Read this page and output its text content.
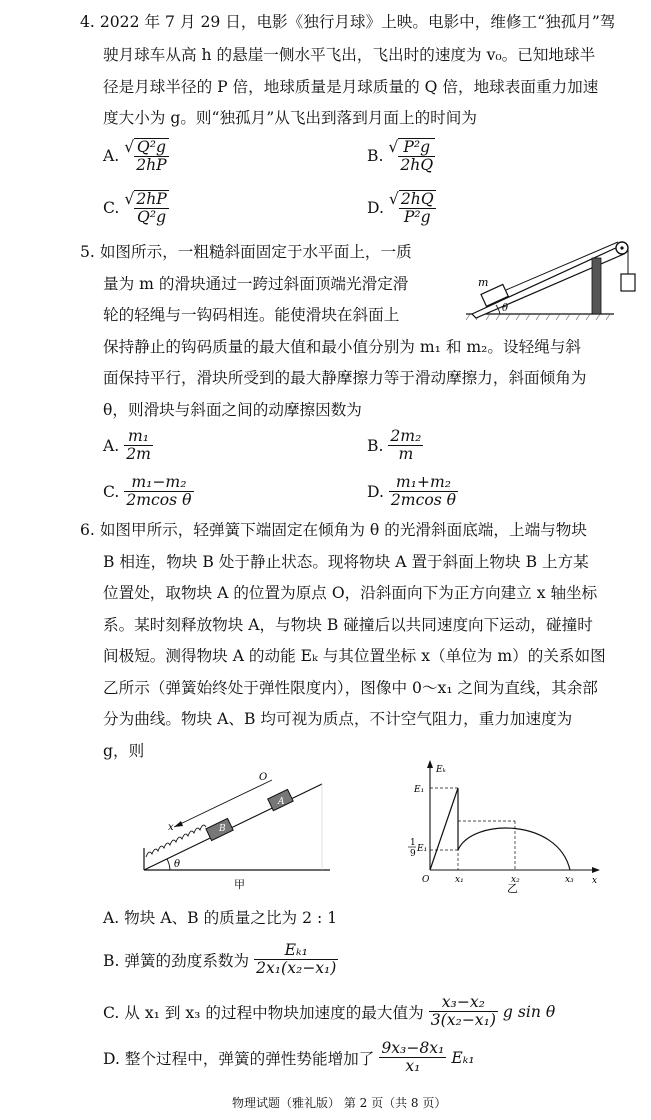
4. 2022 年 7 月 29 日，电影《独行月球》上映。电影中，维修工“独孤月”驾
驶月球车从高 h 的悬崖一侧水平飞出，飞出时的速度为 v₀。已知地球半
径是月球半径的 P 倍，地球质量是月球质量的 Q 倍，地球表面重力加速
度大小为 g。则“独孤月”从飞出到落到月面上的时间为
A. √ $\frac{\text{Q²g}}{2hP}$	B. √ $\frac{\text{P²g}}{2hQ}$
C. √ $\frac{2hP}{\text{Q²g}}$	D. √ $\frac{2hQ}{\text{P²g}}$
5. 如图所示，一粗糙斜面固定于水平面上，一质
量为 m 的滑块通过一跨过斜面顶端光滑定滑
轮的轻绳与一钩码相连。能使滑块在斜面上
保持静止的钩码质量的最大值和最小值分别为 m₁ 和 m₂。设轻绳与斜
面保持平行，滑块所受到的最大静摩擦力等于滑动摩擦力，斜面倾角为
θ，则滑块与斜面之间的动摩擦因数为
m
θ
A. $\frac{\text{m₁}}{2m}$	B. $\frac{\text{2m₂}}{m}$
C. $\frac{\text{m₁−m₂}}{\text{2mcos θ}}$	D. $\frac{\text{m₁+m₂}}{\text{2mcos θ}}$
6. 如图甲所示，轻弹簧下端固定在倾角为 θ 的光滑斜面底端，上端与物块
B 相连，物块 B 处于静止状态。现将物块 A 置于斜面上物块 B 上方某
位置处，取物块 A 的位置为原点 O，沿斜面向下为正方向建立 x 轴坐标
系。某时刻释放物块 A，与物块 B 碰撞后以共同速度向下运动，碰撞时
间极短。测得物块 A 的动能 Eₖ 与其位置坐标 x（单位为 m）的关系如图
乙所示（弹簧始终处于弹性限度内），图像中 0～x₁ 之间为直线，其余部
分为曲线。物块 A、B 均可视为质点，不计空气阻力，重力加速度为
g，则
B
A
x
O
θ
甲
Eₖ
x
O
E₁
1
9 E₁
x₁	x₂	x₃
乙
A. 物块 A、B 的质量之比为 2 : 1
B. 弹簧的劲度系数为 $\frac{\text{Eₖ₁}}{\text{2x₁(x₂−x₁)}}$
C. 从 x₁ 到 x₃ 的过程中物块加速度的最大值为 $\frac{\text{x₃−x₂}}{\text{3(x₂−x₁)}}$ g sin θ
D. 整个过程中，弹簧的弹性势能增加了 $\frac{\text{9x₃−8x₁}}{\text{x₁}} E_{k1}$
物理试题（雅礼版） 第 2 页（共 8 页）
